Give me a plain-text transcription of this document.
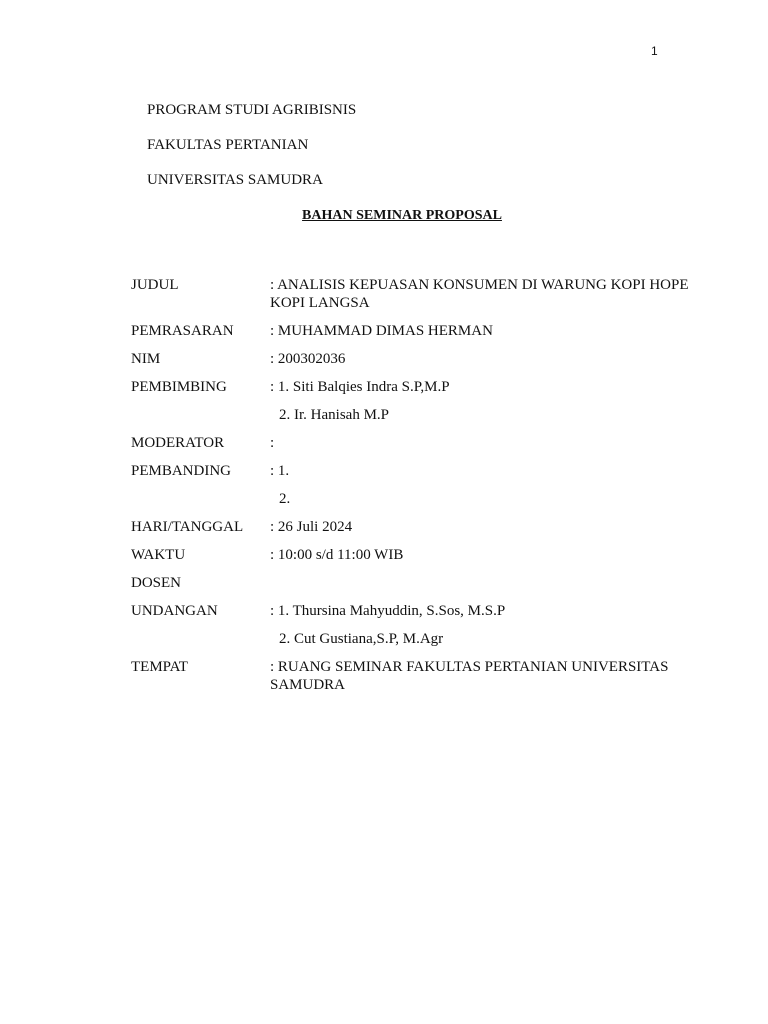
1
PROGRAM STUDI AGRIBISNIS
FAKULTAS PERTANIAN
UNIVERSITAS SAMUDRA
BAHAN SEMINAR PROPOSAL
JUDUL	: ANALISIS KEPUASAN KONSUMEN DI WARUNG KOPI HOPE KOPI LANGSA
PEMRASARAN	: MUHAMMAD DIMAS HERMAN
NIM	: 200302036
PEMBIMBING	: 1. Siti Balqies Indra S.P,M.P
2. Ir. Hanisah M.P
MODERATOR	:
PEMBANDING	: 1.
2.
HARI/TANGGAL	: 26 Juli 2024
WAKTU	: 10:00 s/d 11:00 WIB
DOSEN
UNDANGAN	: 1. Thursina Mahyuddin, S.Sos, M.S.P
2. Cut Gustiana,S.P, M.Agr
TEMPAT	: RUANG SEMINAR FAKULTAS PERTANIAN UNIVERSITAS SAMUDRA
